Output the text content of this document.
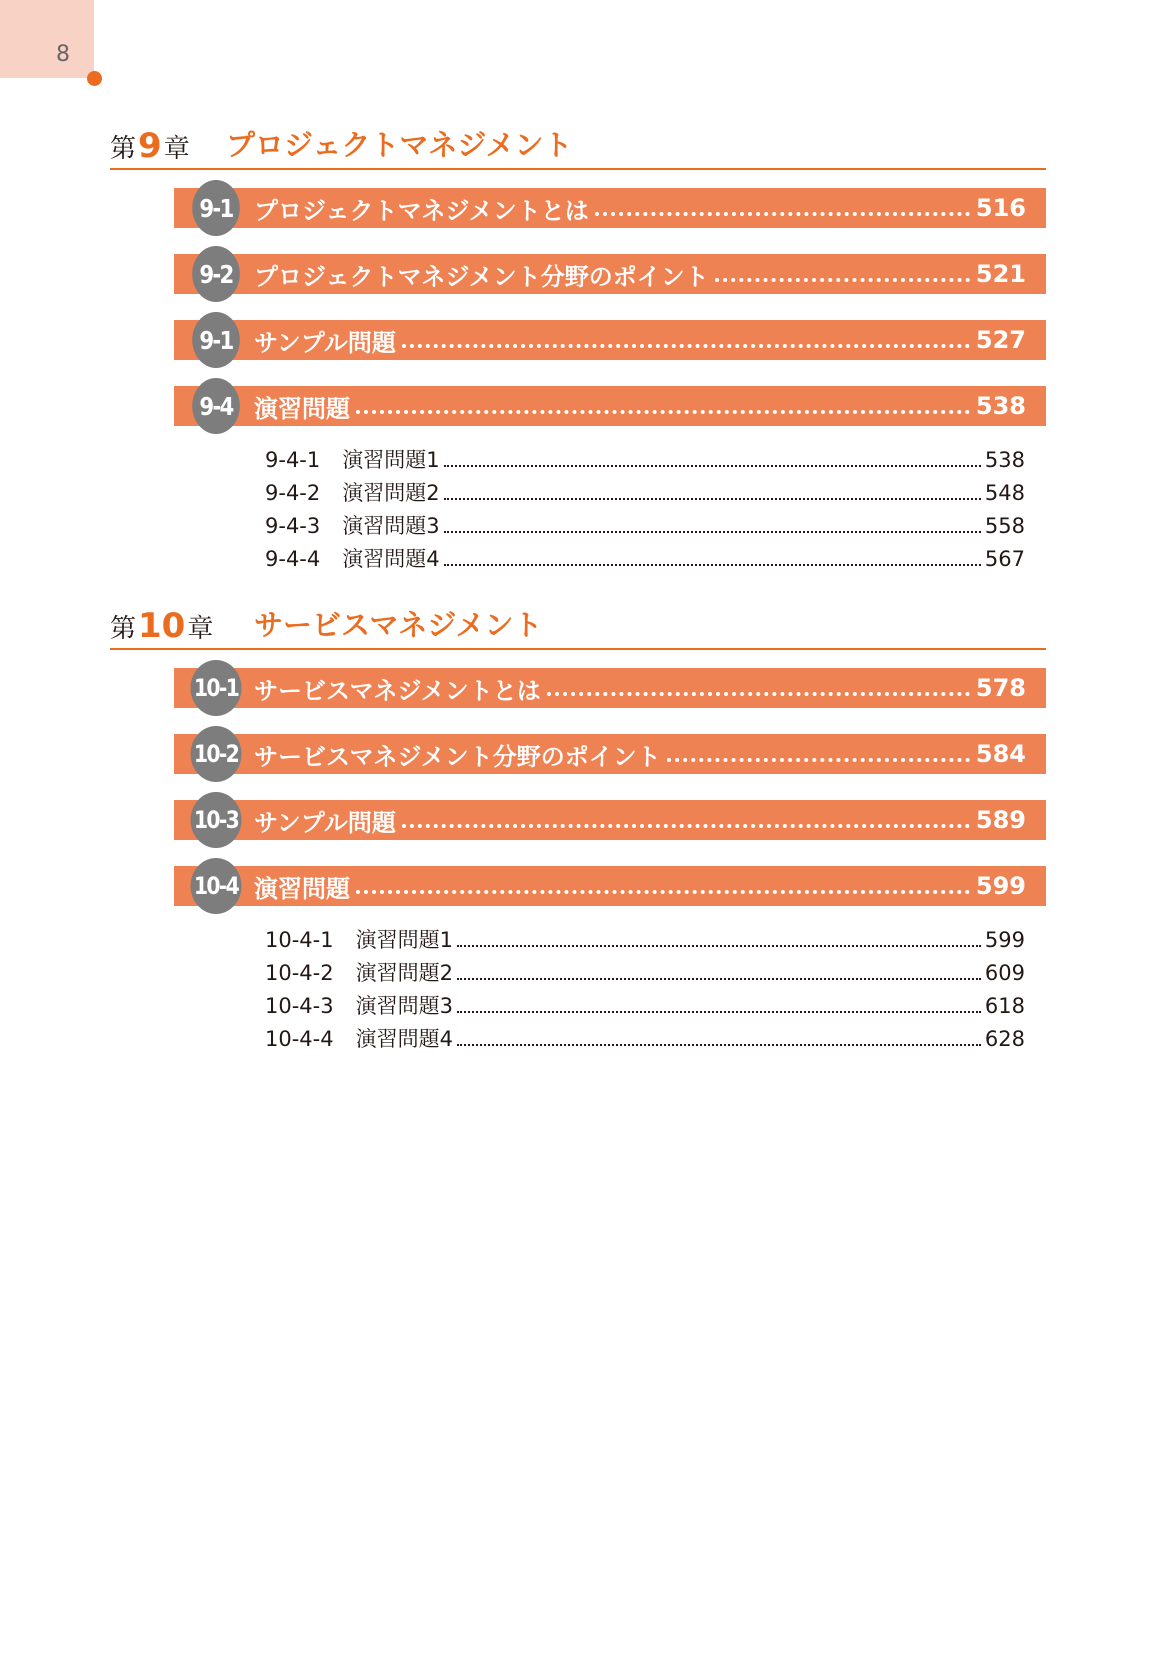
8
第9章 プロジェクトマネジメント
9-1 プロジェクトマネジメントとは	516
9-2 プロジェクトマネジメント分野のポイント	521
9-1 サンプル問題	527
9-4 演習問題	538
9-4-1 演習問題1	538
9-4-2 演習問題2	548
9-4-3 演習問題3	558
9-4-4 演習問題4	567
第10章 サービスマネジメント
10-1 サービスマネジメントとは	578
10-2 サービスマネジメント分野のポイント	584
10-3 サンプル問題	589
10-4 演習問題	599
10-4-1 演習問題1	599
10-4-2 演習問題2	609
10-4-3 演習問題3	618
10-4-4 演習問題4	628
